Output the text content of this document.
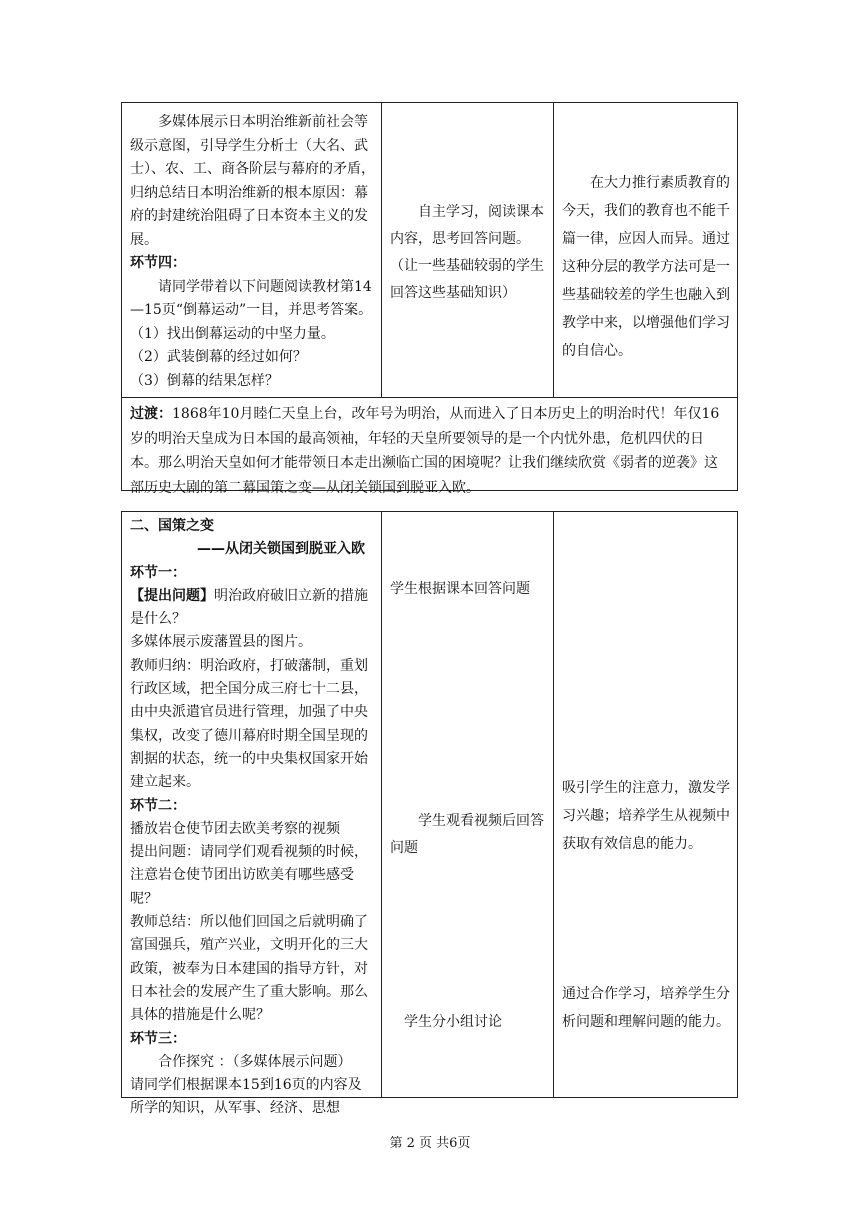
多媒体展示日本明治维新前社会等级示意图，引导学生分析士（大名、武士）、农、工、商各阶层与幕府的矛盾，归纳总结日本明治维新的根本原因：幕府的封建统治阻碍了日本资本主义的发展。

环节四：

请同学带着以下问题阅读教材第14—15页“倒幕运动”一目，并思考答案。

（1）找出倒幕运动的中坚力量。

（2）武装倒幕的经过如何？

（3）倒幕的结果怎样？

自主学习，阅读课本内容，思考回答问题。（让一些基础较弱的学生回答这些基础知识）

在大力推行素质教育的今天，我们的教育也不能千篇一律，应因人而异。通过这种分层的教学方法可是一些基础较差的学生也融入到教学中来，以增强他们学习的自信心。

过渡：1868年10月睦仁天皇上台，改年号为明治，从而进入了日本历史上的明治时代！年仅16岁的明治天皇成为日本国的最高领袖，年轻的天皇所要领导的是一个内忧外患，危机四伏的日本。那么明治天皇如何才能带领日本走出濒临亡国的困境呢？让我们继续欣赏《弱者的逆袭》这部历史大剧的第二幕国策之变—从闭关锁国到脱亚入欧。

二、国策之变

——从闭关锁国到脱亚入欧

环节一：

【提出问题】明治政府破旧立新的措施是什么？

多媒体展示废藩置县的图片。

教师归纳：明治政府，打破藩制，重划行政区域，把全国分成三府七十二县，由中央派遣官员进行管理，加强了中央集权，改变了德川幕府时期全国呈现的割据的状态，统一的中央集权国家开始建立起来。

环节二：

播放岩仓使节团去欧美考察的视频

提出问题：请同学们观看视频的时候，注意岩仓使节团出访欧美有哪些感受呢？

教师总结：所以他们回国之后就明确了富国强兵，殖产兴业，文明开化的三大政策，被奉为日本建国的指导方针，对日本社会的发展产生了重大影响。那么具体的措施是什么呢？

环节三：

合作探究 ：（多媒体展示问题）

请同学们根据课本15到16页的内容及所学的知识，从军事、经济、思想

学生根据课本回答问题

学生观看视频后回答问题

学生分小组讨论

吸引学生的注意力，激发学习兴趣；培养学生从视频中获取有效信息的能力。

通过合作学习，培养学生分析问题和理解问题的能力。

第 2 页 共6页
